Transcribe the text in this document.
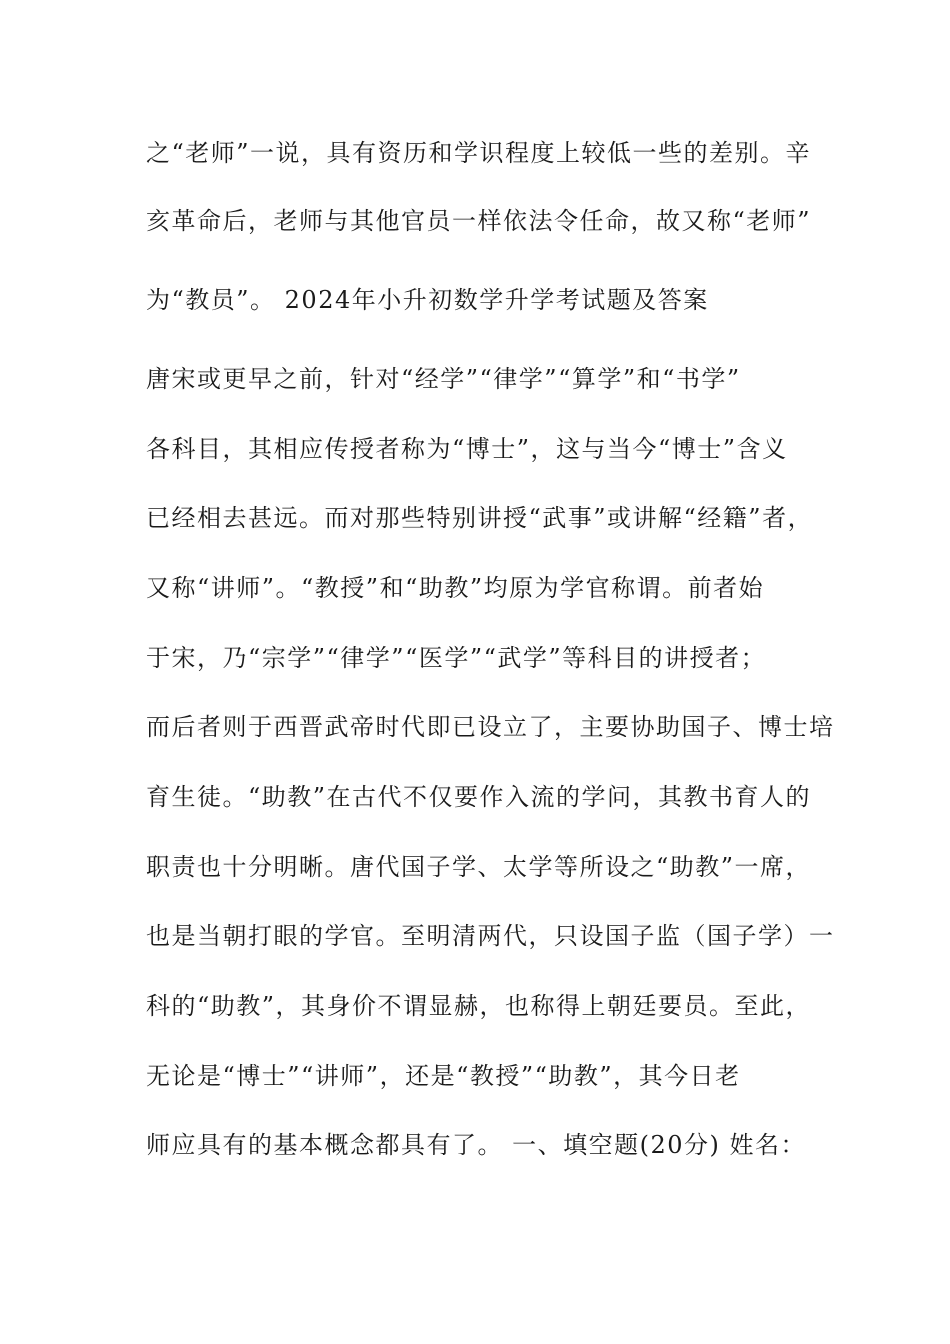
之“老师”一说，具有资历和学识程度上较低一些的差别。辛
亥革命后，老师与其他官员一样依法令任命，故又称“老师”
为“教员”。 2024年小升初数学升学考试题及答案
唐宋或更早之前，针对“经学”“律学”“算学”和“书学”
各科目，其相应传授者称为“博士”，这与当今“博士”含义
已经相去甚远。而对那些特别讲授“武事”或讲解“经籍”者，
又称“讲师”。“教授”和“助教”均原为学官称谓。前者始
于宋，乃“宗学”“律学”“医学”“武学”等科目的讲授者；
而后者则于西晋武帝时代即已设立了，主要协助国子、博士培
育生徒。“助教”在古代不仅要作入流的学问，其教书育人的
职责也十分明晰。唐代国子学、太学等所设之“助教”一席，
也是当朝打眼的学官。至明清两代，只设国子监（国子学）一
科的“助教”，其身价不谓显赫，也称得上朝廷要员。至此，
无论是“博士”“讲师”，还是“教授”“助教”，其今日老
师应具有的基本概念都具有了。 一、填空题(20分) 姓名：
